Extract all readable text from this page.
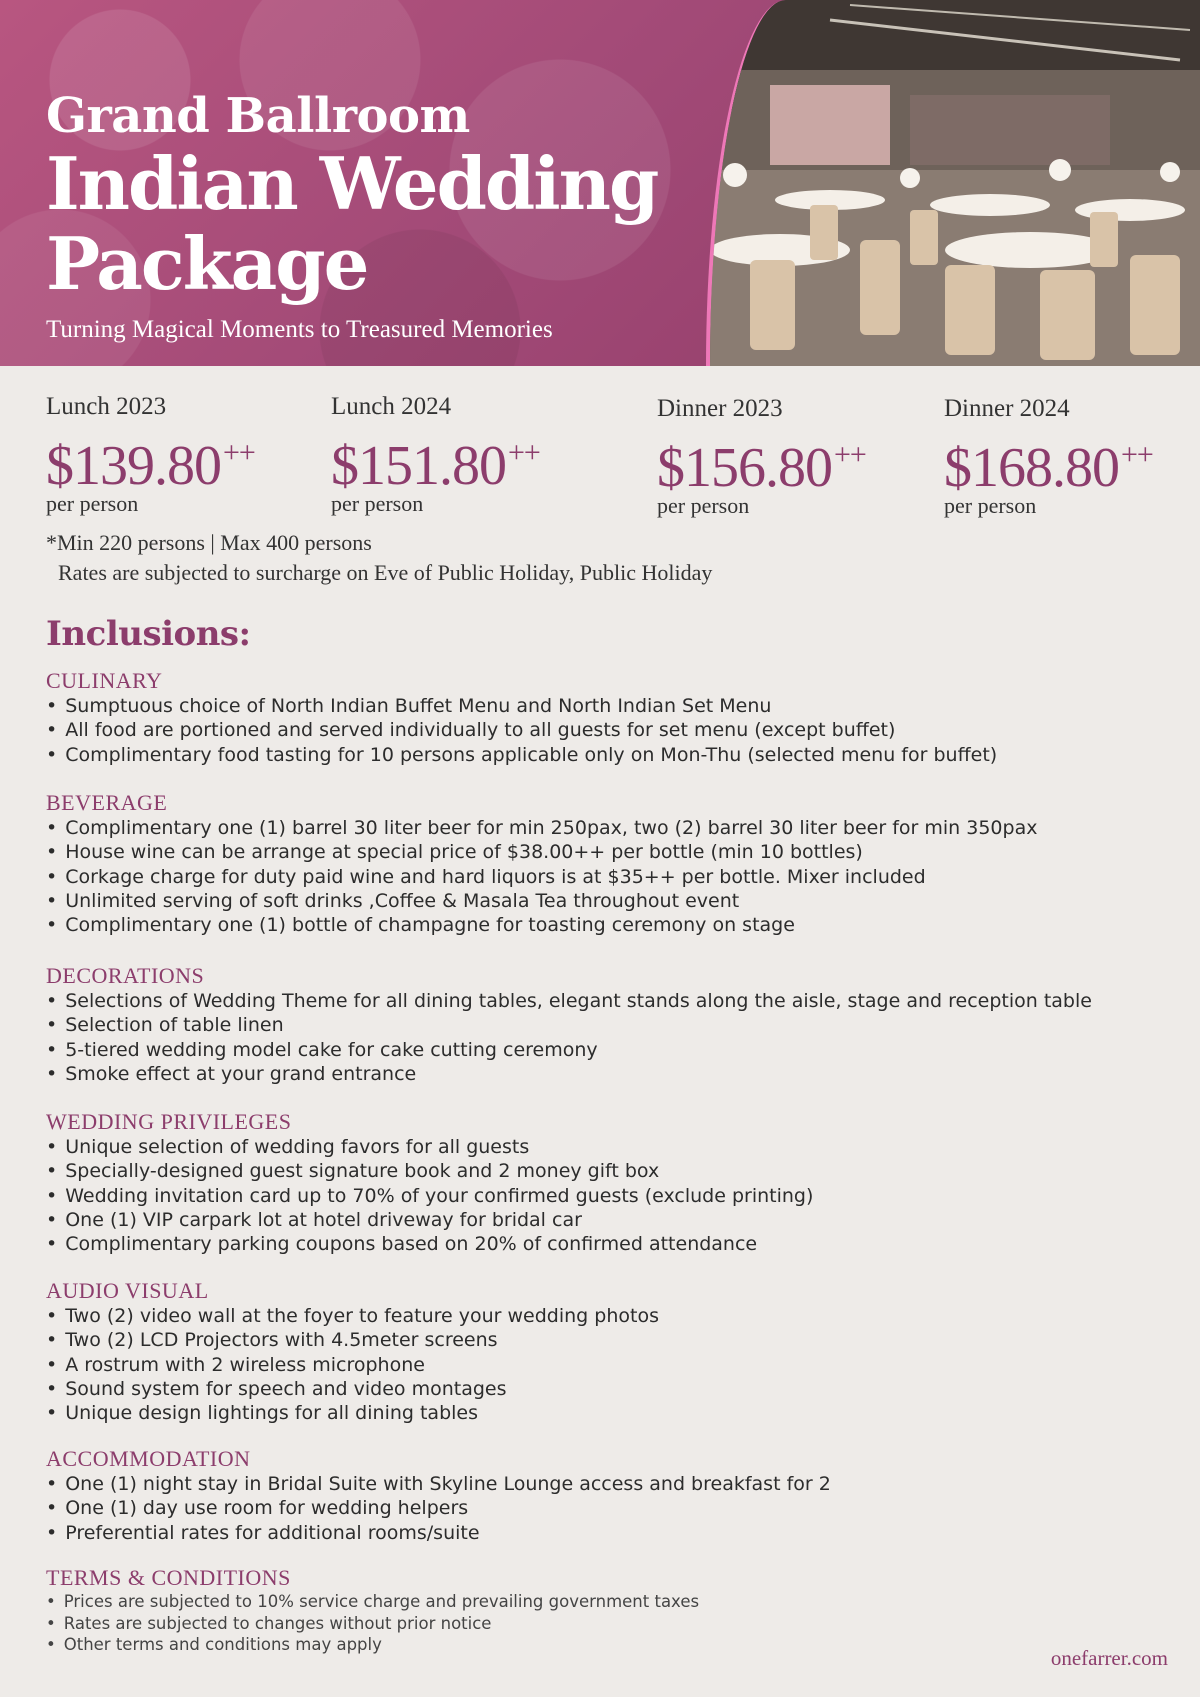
Grand Ballroom
Indian Wedding
Package
Turning Magical Moments to Treasured Memories
Lunch 2023
$139.80++
per person
Lunch 2024
$151.80++
per person
Dinner 2023
$156.80++
per person
Dinner 2024
$168.80++
per person
*Min 220 persons | Max 400 persons
Rates are subjected to surcharge on Eve of Public Holiday, Public Holiday
Inclusions:
CULINARY
• Sumptuous choice of North Indian Buffet Menu and North Indian Set Menu
• All food are portioned and served individually to all guests for set menu (except buffet)
• Complimentary food tasting for 10 persons applicable only on Mon-Thu (selected menu for buffet)
BEVERAGE
• Complimentary one (1) barrel 30 liter beer for min 250pax, two (2) barrel 30 liter beer for min 350pax
• House wine can be arrange at special price of $38.00++ per bottle (min 10 bottles)
• Corkage charge for duty paid wine and hard liquors is at $35++ per bottle. Mixer included
• Unlimited serving of soft drinks ,Coffee & Masala Tea throughout event
• Complimentary one (1) bottle of champagne for toasting ceremony on stage
DECORATIONS
• Selections of Wedding Theme for all dining tables, elegant stands along the aisle, stage and reception table
• Selection of table linen
• 5-tiered wedding model cake for cake cutting ceremony
• Smoke effect at your grand entrance
WEDDING PRIVILEGES
• Unique selection of wedding favors for all guests
• Specially-designed guest signature book and 2 money gift box
• Wedding invitation card up to 70% of your confirmed guests (exclude printing)
• One (1) VIP carpark lot at hotel driveway for bridal car
• Complimentary parking coupons based on 20% of confirmed attendance
AUDIO VISUAL
• Two (2) video wall at the foyer to feature your wedding photos
• Two (2) LCD Projectors with 4.5meter screens
• A rostrum with 2 wireless microphone
• Sound system for speech and video montages
• Unique design lightings for all dining tables
ACCOMMODATION
• One (1) night stay in Bridal Suite with Skyline Lounge access and breakfast for 2
• One (1) day use room for wedding helpers
• Preferential rates for additional rooms/suite
TERMS & CONDITIONS
• Prices are subjected to 10% service charge and prevailing government taxes
• Rates are subjected to changes without prior notice
• Other terms and conditions may apply
onefarrer.com
